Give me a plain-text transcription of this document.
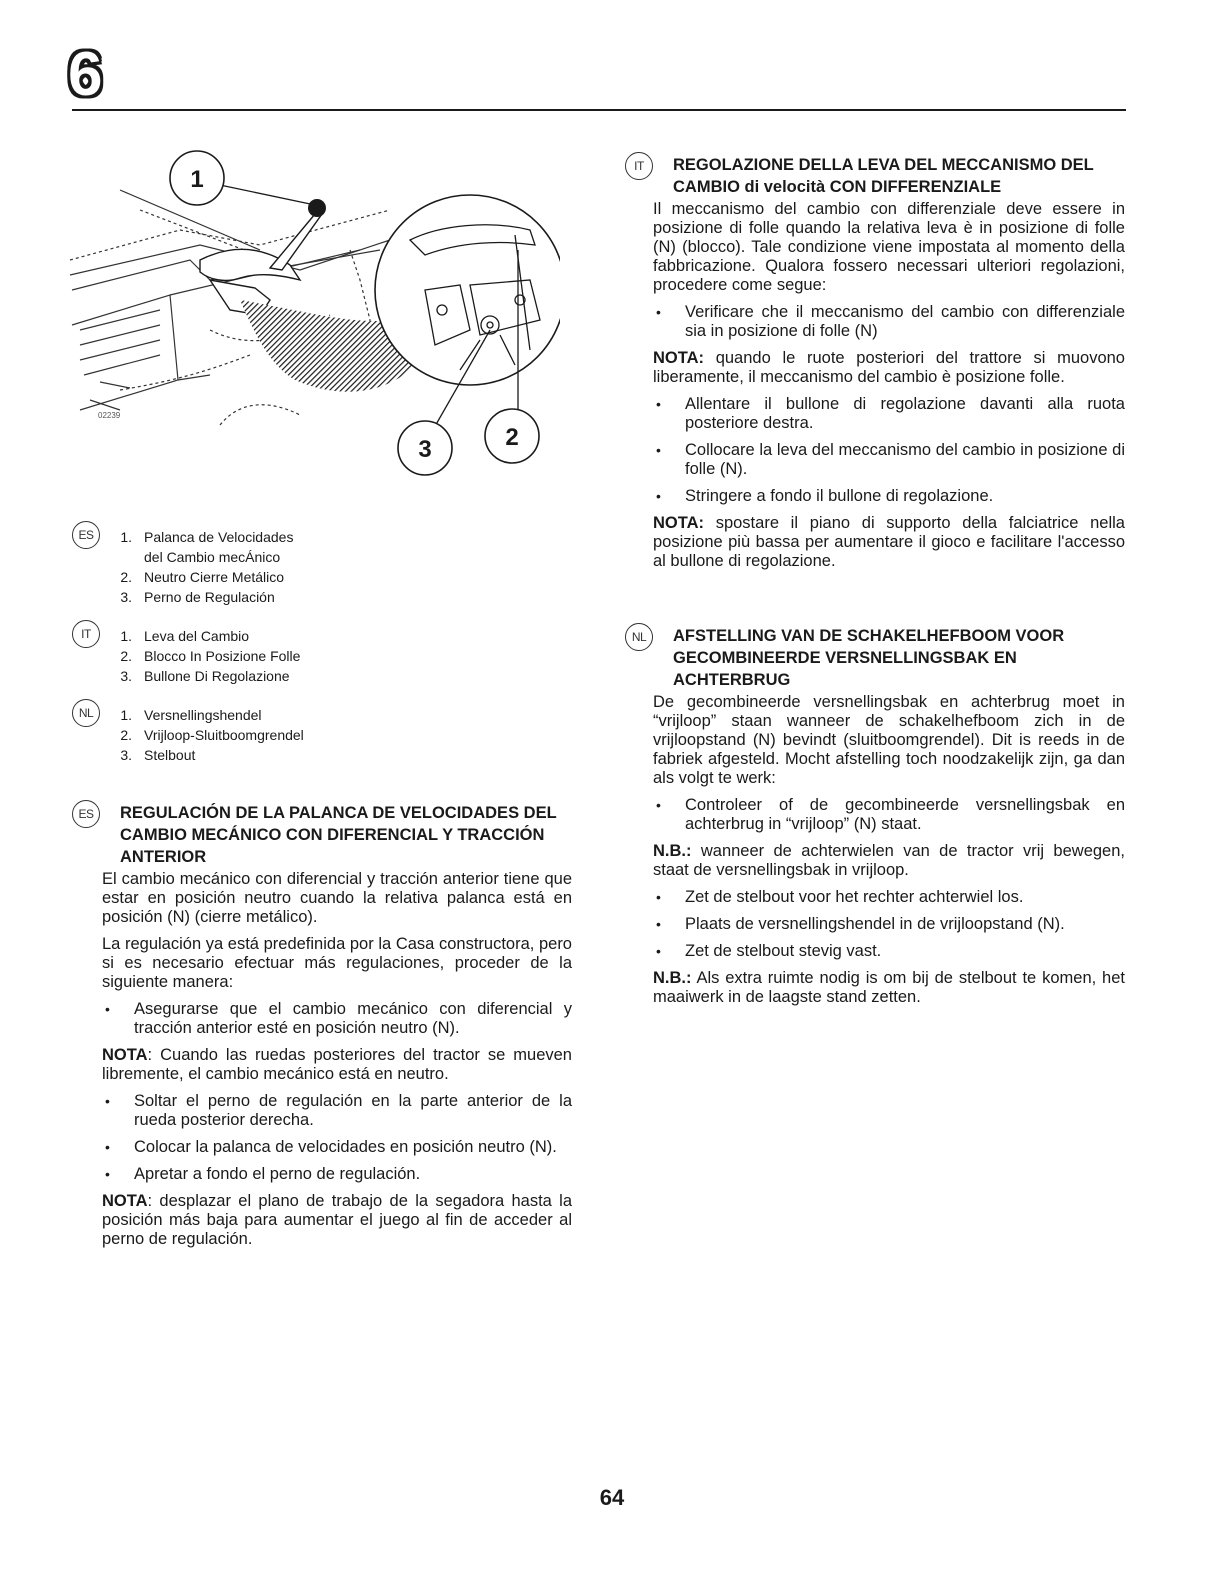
6
1
2
3
02239
ES	1. Palanca de Velocidades
del Cambio mecÁnico
2. Neutro Cierre Metálico
3. Perno de Regulación
IT	1. Leva del Cambio
2. Blocco In Posizione Folle
3. Bullone Di Regolazione
NL	1. Versnellingshendel
2. Vrijloop-Sluitboomgrendel
3. Stelbout
ES	REGULACIÓN DE LA PALANCA DE VELOCIDADES DEL CAMBIO MECÁNICO CON DIFERENCIAL Y TRACCIÓN ANTERIOR

El cambio mecánico con diferencial y tracción anterior tiene que estar en posición neutro cuando la relativa palanca está en posición (N) (cierre metálico).

La regulación ya está predefinida por la Casa constructora, pero si es necesario efectuar más regulaciones, proceder de la siguiente manera:

• Asegurarse que el cambio mecánico con diferencial y tracción anterior esté en posición neutro (N).

NOTA: Cuando las ruedas posteriores del tractor se mueven libremente, el cambio mecánico está en neutro.

• Soltar el perno de regulación en la parte anterior de la rueda posterior derecha.
• Colocar la palanca de velocidades en posición neutro (N).
• Apretar a fondo el perno de regulación.

NOTA: desplazar el plano de trabajo de la segadora hasta la posición más baja para aumentar el juego al fin de acceder al perno de regulación.

IT	REGOLAZIONE DELLA LEVA DEL MECCANISMO DEL CAMBIO di velocità CON DIFFERENZIALE

Il meccanismo del cambio con differenziale deve essere in posizione di folle quando la relativa leva è in posizione di folle (N) (blocco). Tale condizione viene impostata al momento della fabbricazione. Qualora fossero necessari ulteriori regolazioni, procedere come segue:

• Verificare che il meccanismo del cambio con differenziale sia in posizione di folle (N)

NOTA: quando le ruote posteriori del trattore si muovono liberamente, il meccanismo del cambio è posizione folle.

• Allentare il bullone di regolazione davanti alla ruota posteriore destra.
• Collocare la leva del meccanismo del cambio in posizione di folle (N).
• Stringere a fondo il bullone di regolazione.

NOTA: spostare il piano di supporto della falciatrice nella posizione più bassa per aumentare il gioco e facilitare l'accesso al bullone di regolazione.

NL	AFSTELLING VAN DE SCHAKELHEFBOOM VOOR GECOMBINEERDE VERSNELLINGSBAK EN ACHTERBRUG

De gecombineerde versnellingsbak en achterbrug moet in “vrijloop” staan wanneer de schakelhefboom zich in de vrijloopstand (N) bevindt (sluitboomgrendel). Dit is reeds in de fabriek afgesteld. Mocht afstelling toch noodzakelijk zijn, ga dan als volgt te werk:

• Controleer of de gecombineerde versnellingsbak en achterbrug in “vrijloop” (N) staat.

N.B.: wanneer de achterwielen van de tractor vrij bewegen, staat de versnellingsbak in vrijloop.

• Zet de stelbout voor het rechter achterwiel los.
• Plaats de versnellingshendel in de vrijloopstand (N).
• Zet de stelbout stevig vast.

N.B.: Als extra ruimte nodig is om bij de stelbout te komen, het maaiwerk in de laagste stand zetten.

64
